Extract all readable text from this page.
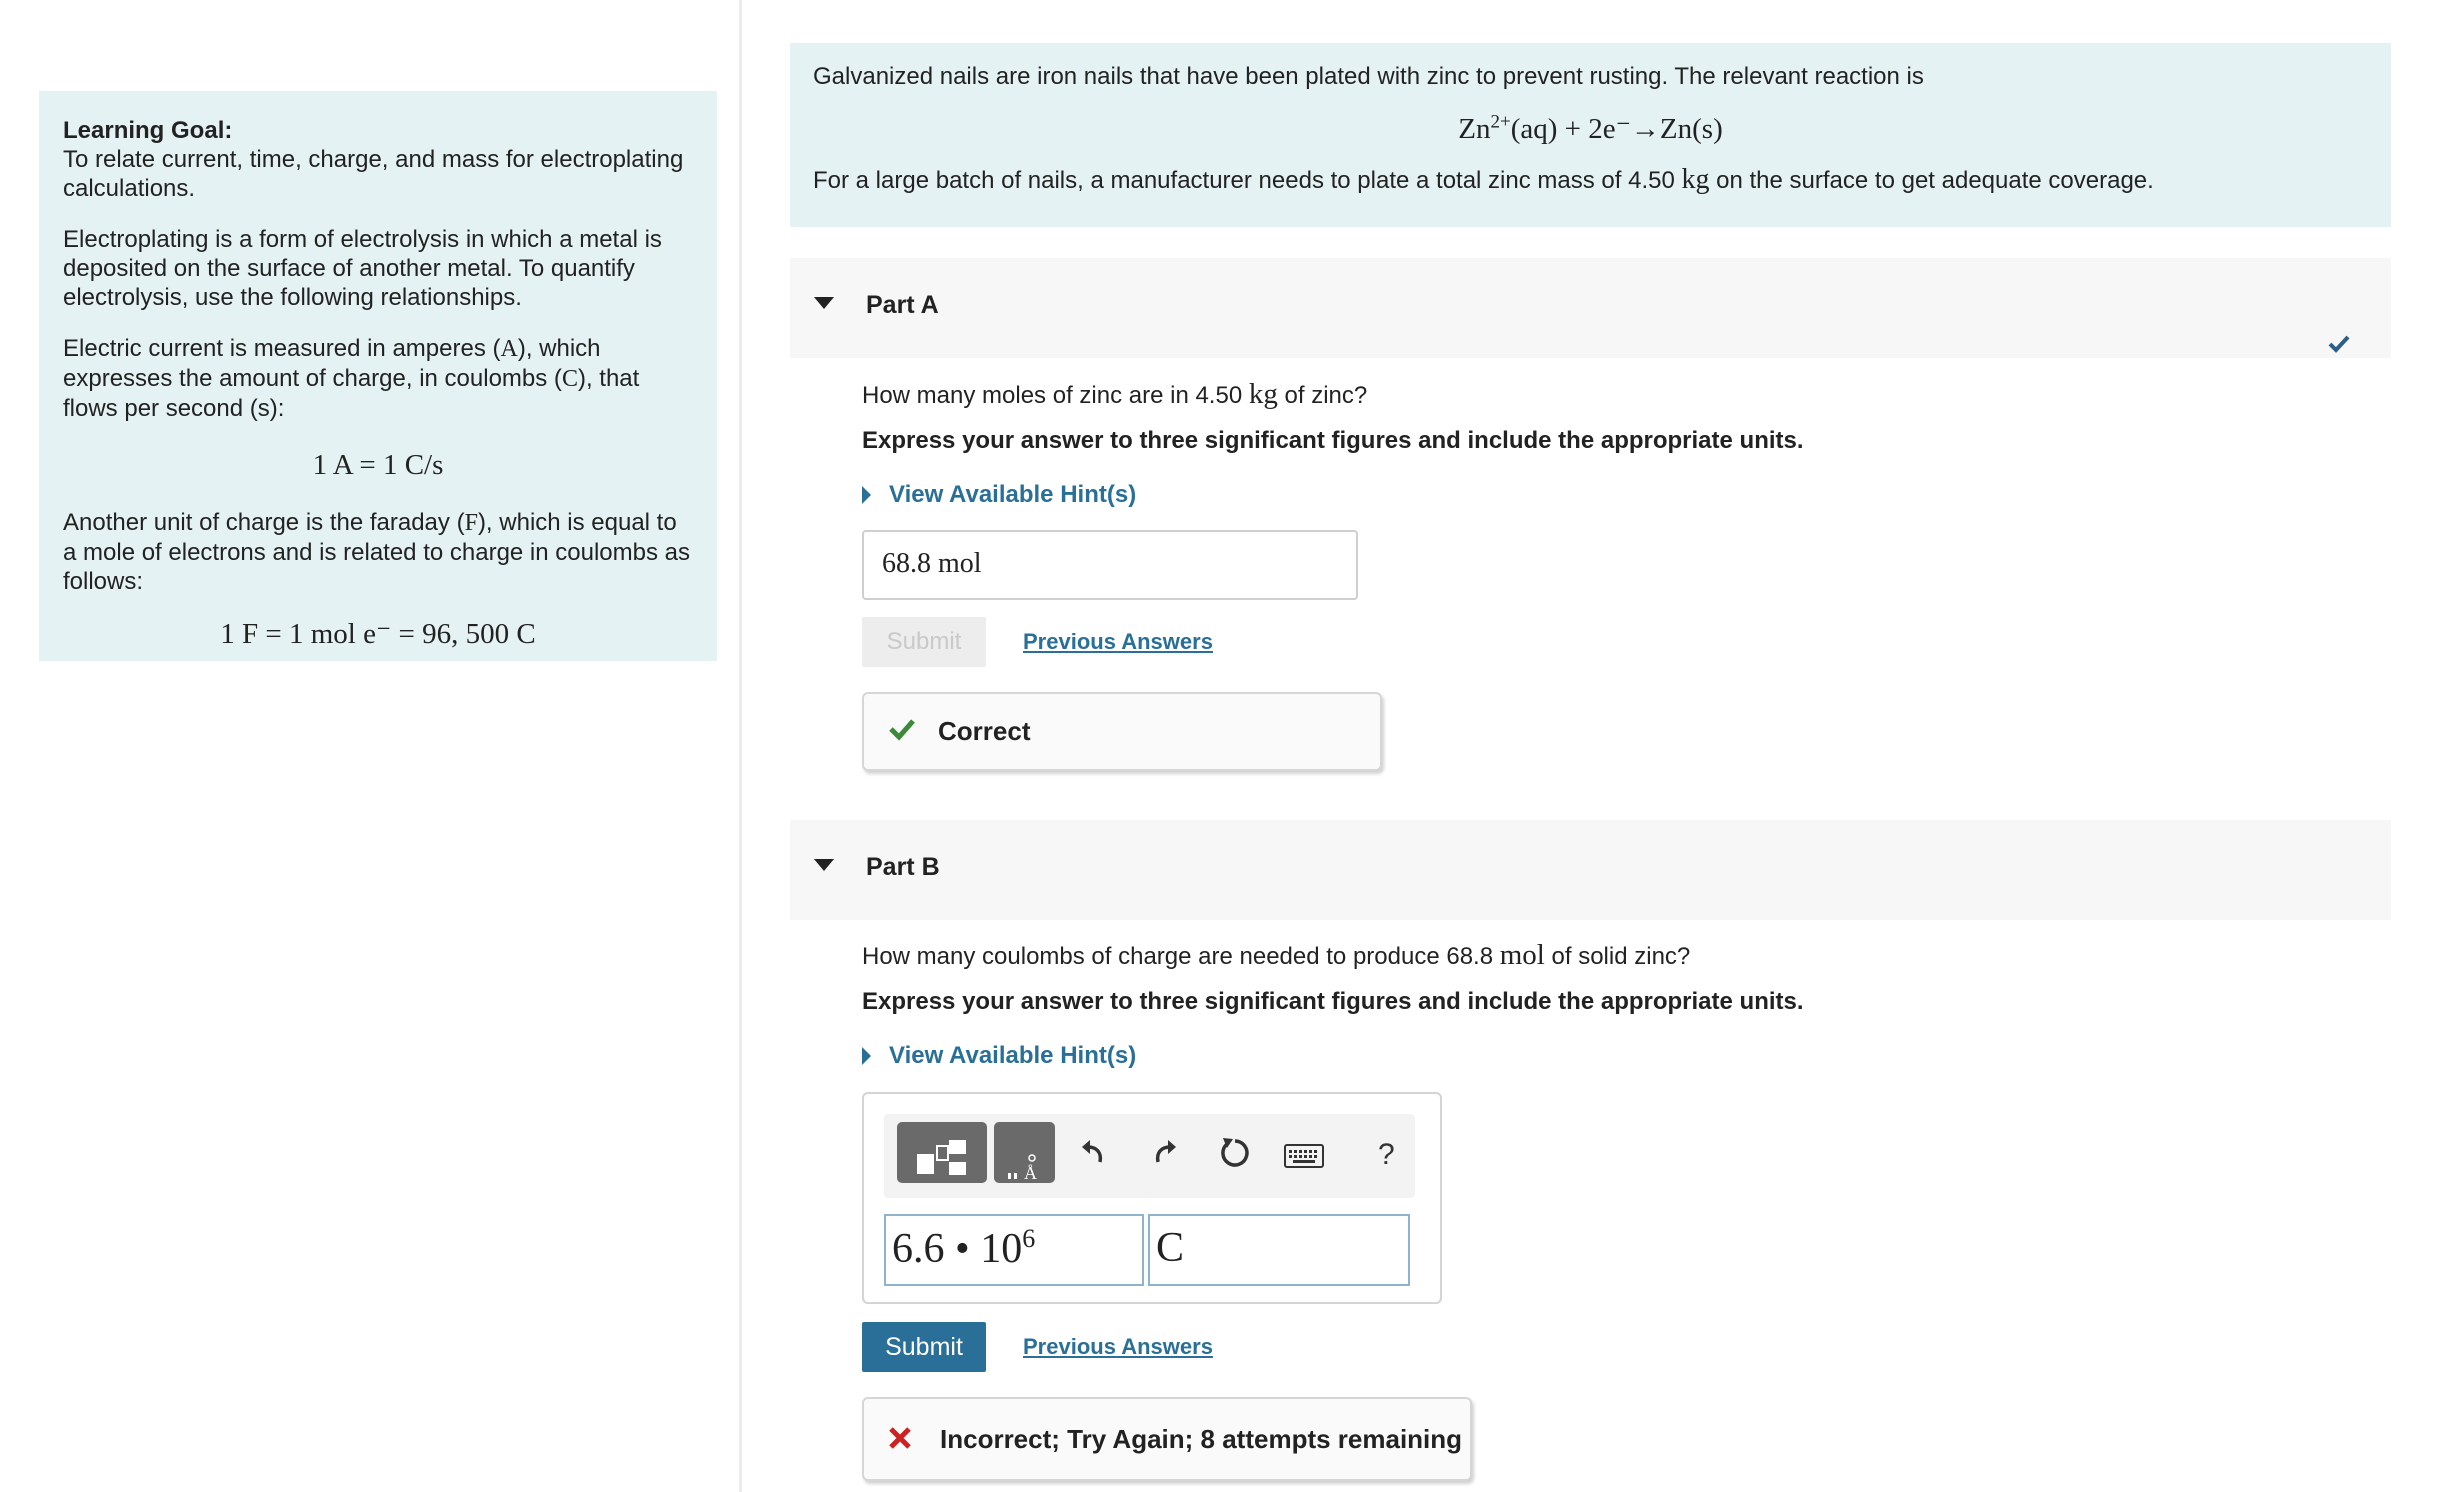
Learning Goal:

To relate current, time, charge, and mass for electroplating calculations.

Electroplating is a form of electrolysis in which a metal is deposited on the surface of another metal. To quantify electrolysis, use the following relationships.

Electric current is measured in amperes (A), which expresses the amount of charge, in coulombs (C), that flows per second (s):

1 A = 1 C/s

Another unit of charge is the faraday (F), which is equal to a mole of electrons and is related to charge in coulombs as follows:

1 F = 1 mol e⁻ = 96, 500 C
Galvanized nails are iron nails that have been plated with zinc to prevent rusting. The relevant reaction is
$Zn^{2+}(aq) + 2e^-\to Zn(s)$
For a large batch of nails, a manufacturer needs to plate a total zinc mass of 4.50 kg on the surface to get adequate coverage.
Part A
How many moles of zinc are in 4.50 kg of zinc?
Express your answer to three significant figures and include the appropriate units.
View Available Hint(s)
68.8 mol
Submit	Previous Answers
Correct
Part B
How many coulombs of charge are needed to produce 68.8 mol of solid zinc?
Express your answer to three significant figures and include the appropriate units.
View Available Hint(s)
Å
?
6.6 • $10^6$	C
Submit	Previous Answers
Incorrect; Try Again; 8 attempts remaining
